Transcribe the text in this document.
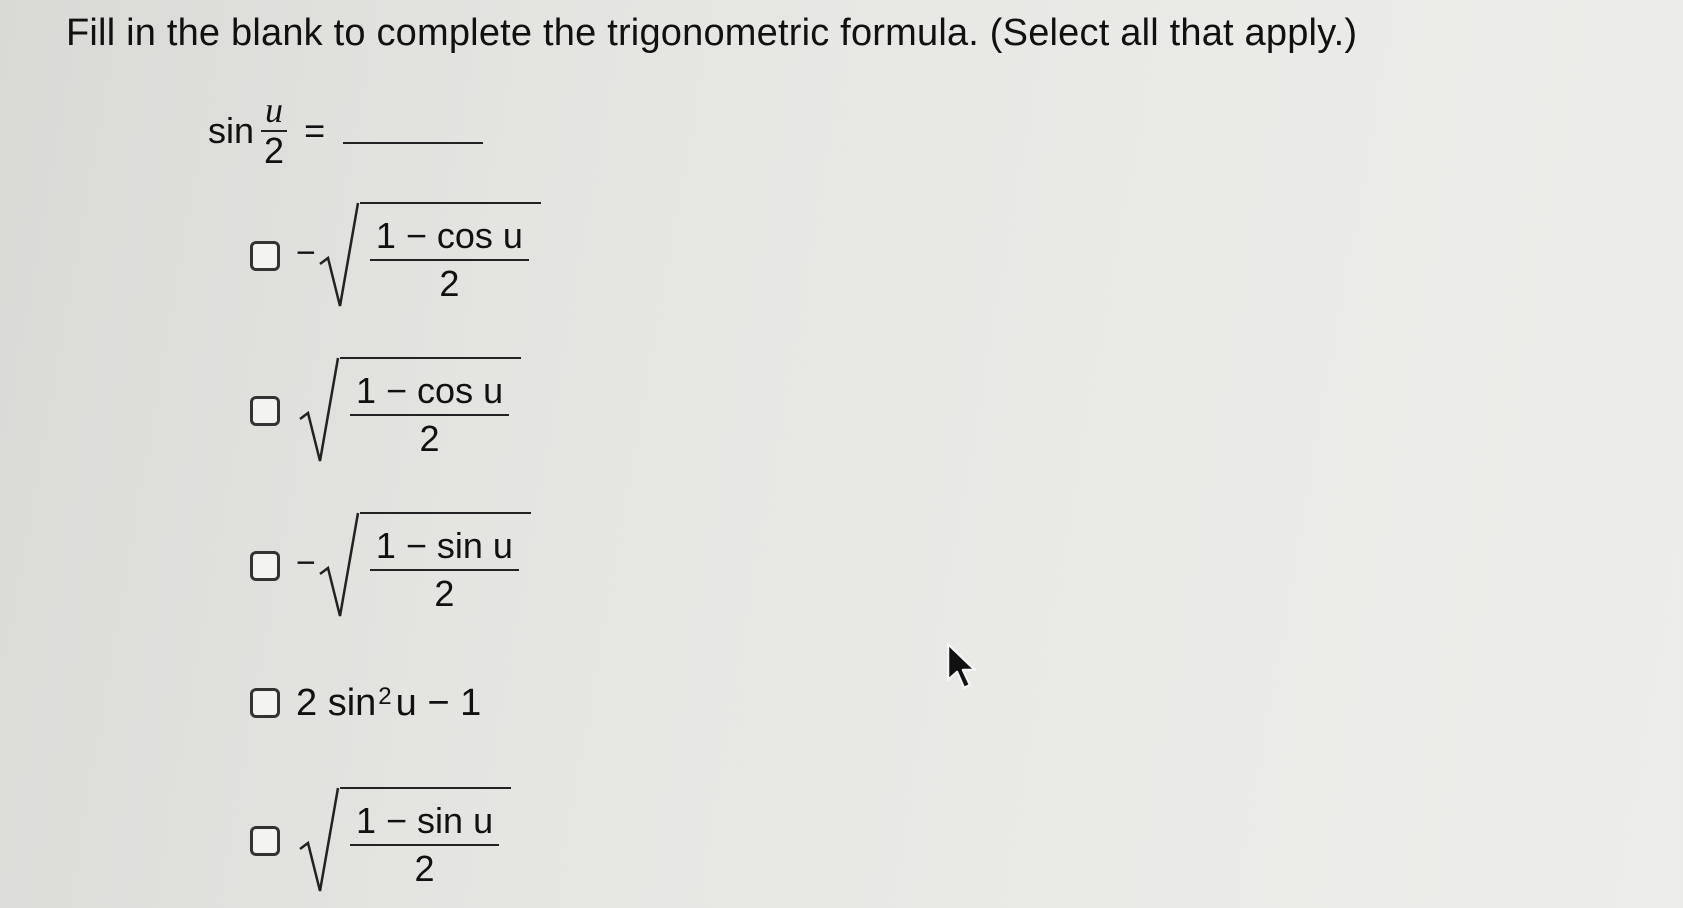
Fill in the blank to complete the trigonometric formula. (Select all that apply.)
$\sin \frac{u}{2}$ =
− $\frac{\text{1 − cos u}}{2}$
$\frac{\text{1 − cos u}}{2}$
− $\frac{\text{1 − sin u}}{2}$
2 $\sin^2 u - 1$
$\frac{\text{1 − sin u}}{2}$
